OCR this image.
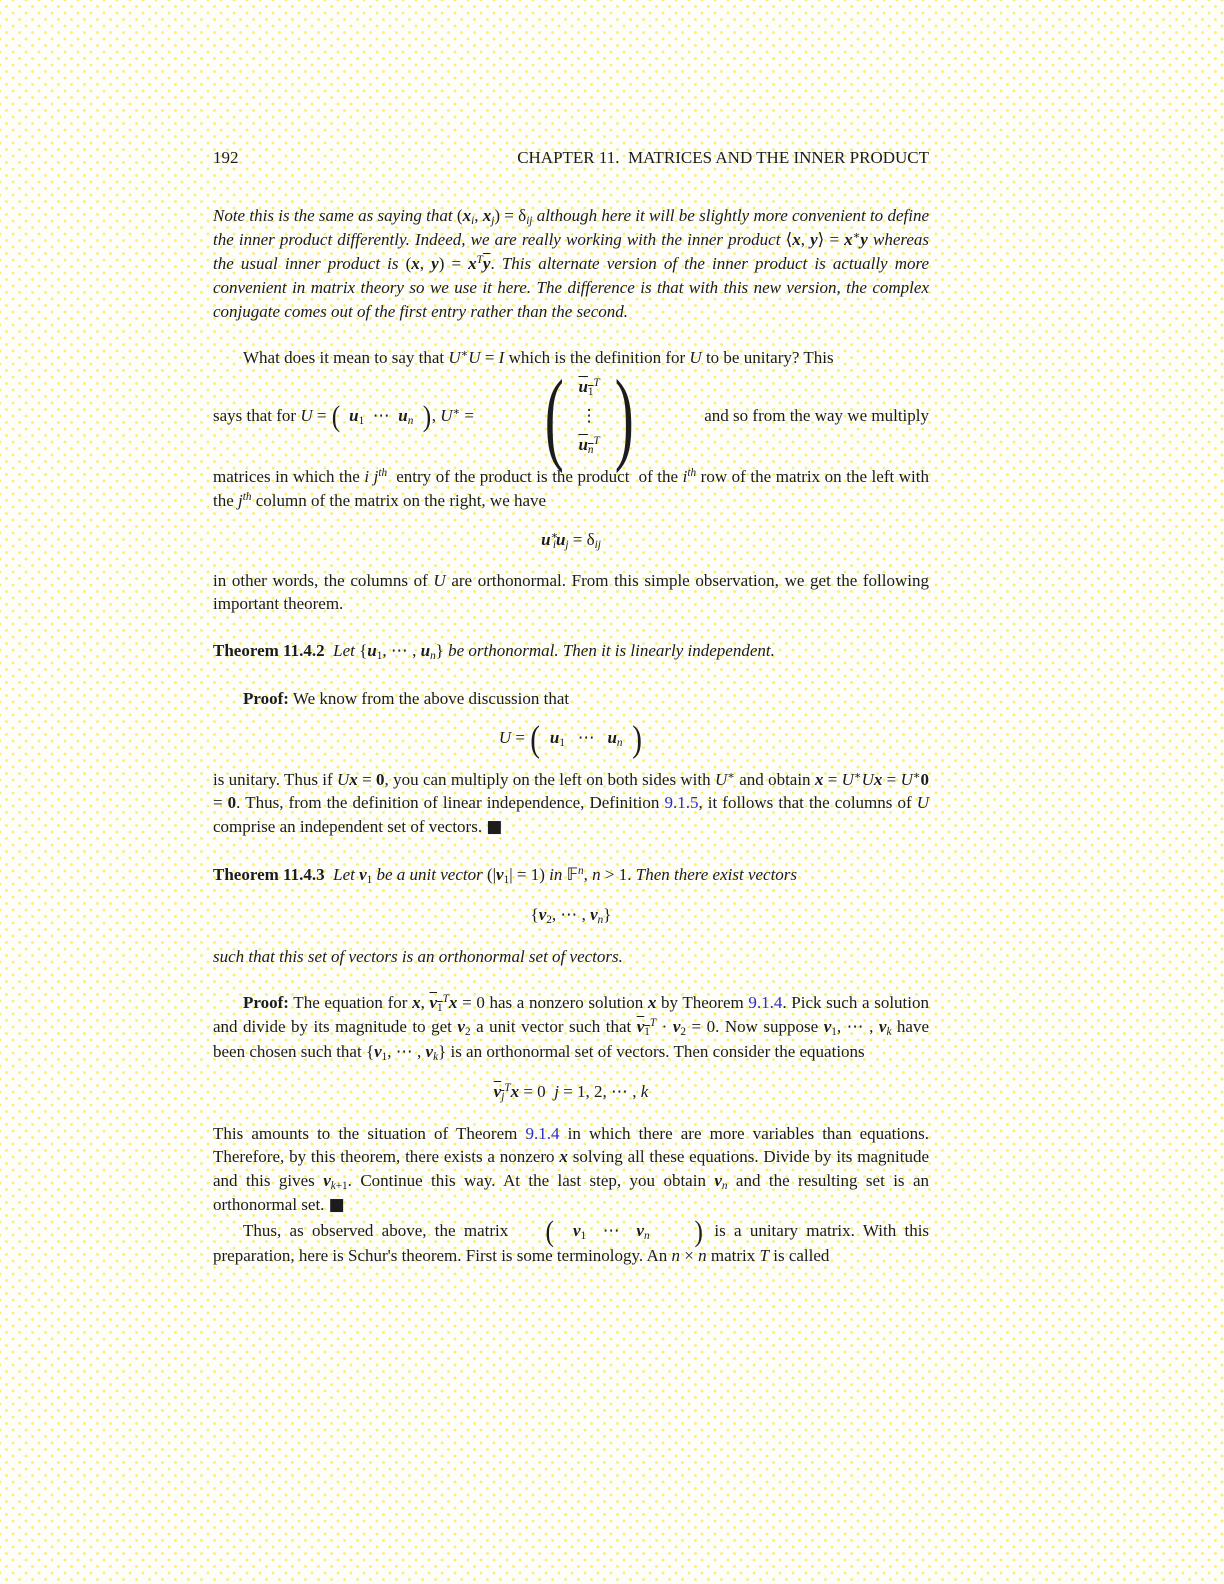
192	CHAPTER 11.  MATRICES AND THE INNER PRODUCT

Note this is the same as saying that ($x_i$, $x_j) = \delta_{ij}$ although here it will be slightly more convenient to define the inner product differently. Indeed, we are really working with the inner product ⟨x, y⟩ = x∗y whereas the usual inner product is (x, $y) = x^T\overline{y}$. This alternate version of the inner product is actually more convenient in matrix theory so we use it here. The difference is that with this new version, the complex conjugate comes out of the first entry rather than the second.

What does it mean to say that U∗U = I which is the definition for U to be unitary? This

says that for U = ( $u_1$ ⋯ $u_n$ ), U∗ = ( $u_1^T$
⋮
$u_n^T$ )	and so from the way we multiply

matrices in which the i $j^{th}$  entry of the product is the product  of the $i^{th}$ row of the matrix on the left with the $j^{th}$ column of the matrix on the right, we have

$u^∗_iu_j = \delta_{ij}$

in other words, the columns of U are orthonormal. From this simple observation, we get the following important theorem.

Theorem 11.4.2 Let {$u_1$, ⋯ , $u_n$} be orthonormal. Then it is linearly independent.

Proof: We know from the above discussion that

U = ( $u_1$ ⋯ $u_n$ )

is unitary. Thus if Ux = 0, you can multiply on the left on both sides with U∗ and obtain x = U∗Ux = U∗0 = 0. Thus, from the definition of linear independence, Definition 9.1.5, it follows that the columns of U comprise an independent set of vectors. ■

Theorem 11.4.3 Let $v_1$ be a unit vector $(|v_1| = 1)$ in 𝔽$^n$, n > 1. Then there exist vectors

{$v_2$, ⋯ , $v_n$}

such that this set of vectors is an orthonormal set of vectors.

Proof: The equation for x, $v_1^Tx = 0$ has a nonzero solution x by Theorem 9.1.4. Pick such a solution and divide by its magnitude to get $v_2$ a unit vector such that $v_1^T \cdot v_2 = 0$. Now suppose $v_1$, ⋯ , $v_k$ have been chosen such that {$v_1$, ⋯ , $v_k$} is an orthonormal set of vectors. Then consider the equations

$v_j^Tx = 0$ j = 1, 2, ⋯ , k

This amounts to the situation of Theorem 9.1.4 in which there are more variables than equations. Therefore, by this theorem, there exists a nonzero x solving all these equations. Divide by its magnitude and this gives $v_{k+1}$. Continue this way. At the last step, you obtain $v_n$ and the resulting set is an orthonormal set. ■

Thus, as observed above, the matrix ( $v_1$ ⋯ $v_n$ ) is a unitary matrix. With this preparation, here is Schur's theorem. First is some terminology. An n × n matrix T is called
